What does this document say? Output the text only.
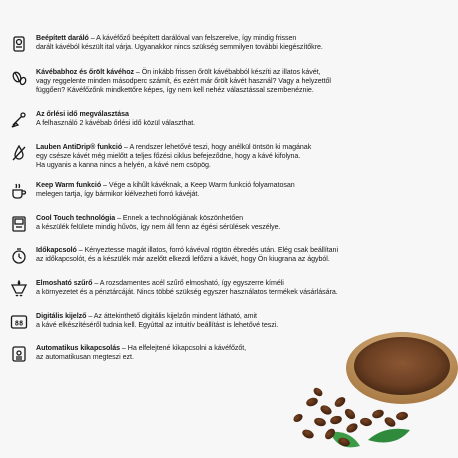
Beépített daráló – A kávéfőző beépített darálóval van felszerelve, így mindig frissen
darált kávéból készült ital várja. Ugyanakkor nincs szükség semmilyen további kiegészítőkre.
Kávébabhoz és őrölt kávéhoz – Ön inkább frissen őrölt kávébabból készíti az illatos kávét,
vagy reggelente minden másodperc számít, és ezért már őrölt kávét használ? Vagy a helyzettől
függően? Kávéfőzőnk mindkettőre képes, így nem kell nehéz választással szembenéznie.
Az őrlési idő megválasztása
A felhasználó 2 kávébab őrlési idő közül választhat.
Lauben AntiDrip® funkció – A rendszer lehetővé teszi, hogy anélkül öntsön ki magának
egy csésze kávét még mielőtt a teljes főzési ciklus befejeződne, hogy a kávé kifolyna.
Ha ugyanis a kanna nincs a helyén, a kávé nem csöpög.
Keep Warm funkció – Vége a kihűlt kávéknak, a Keep Warm funkció folyamatosan
melegen tartja, így bármikor kiélvezheti forró kávéját.
Cool Touch technológia – Ennek a technológiának köszönhetően
a készülék felülete mindig hűvös, így nem áll fenn az égési sérülések veszélye.
Időkapcsoló – Kényeztesse magát illatos, forró kávéval rögtön ébredés után. Elég csak beállítani
az időkapcsolót, és a készülék már azelőtt elkezdi lefőzni a kávét, hogy Ön kiugrana az ágyból.
Elmosható szűrő – A rozsdamentes acél szűrő elmosható, így egyszerre kíméli
a környezetet és a pénztárcáját. Nincs többé szükség egyszer használatos termékek vásárlására.
88
Digitális kijelző – Az áttekinthető digitális kijelzőn mindent látható, amit
a kávé elkészítéséről tudnia kell. Egyúttal az intuitív beállítást is lehetővé teszi.
Automatikus kikapcsolás – Ha elfelejtené kikapcsolni a kávéfőzőt,
az automatikusan megteszi ezt.
